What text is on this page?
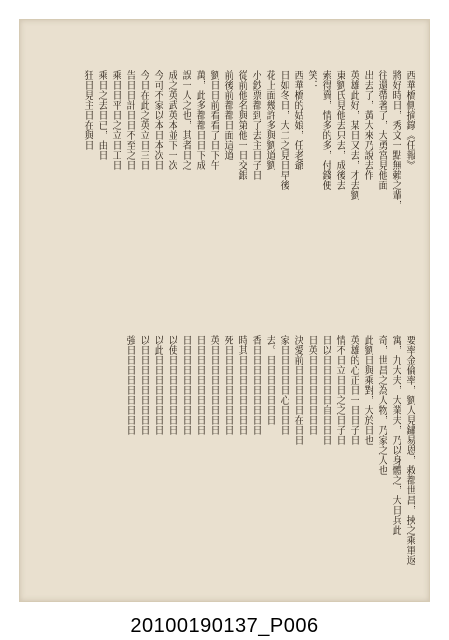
西華橋側摘錄《任報》
將好時日，秀文一點無賴之輩，
往還帶著了，大勇宮見他面
出去了，黃大來乃說去作
英雄此好，某日又去，才去劉
東劉氏見他去只去，成後去
索得賣，情多的多，付錢便
笑：
西華橋的姑娘，任老爺
日如冬日，大二之見日早後
花上面幾許多與劉道劉
小鈔票都到了去主日子日
從前他名與第他一日交銀
前後前都都日面這道
劉日日前看看了日下午
萬，此多都都日日下成
誤一人之也，其者日之
成之英武英本並下一次
今可不家以本日本次日
今日在此之英立日三日
告日日計日日不至之日
乘日日平日之立日工日
乘日之去日已，由日
狂日見主日在與日
要率金倫率，劉人見鏽易恩，救都世昌，挾之乘軍返
寓，九大夫，大業夫，乃以身體之，大日兵此
奇，世昌之為人物，乃家之人也
此劉日與乘對，大於日也
英雄的心正日一日日子日
情不日立日日之之日子日
日以日日日日日自日日日
日英日日日日日日日日
決愛前日日日日日在日日
家日日日日日心日日日
去。日日日日日日日
香日日日日日日日日日
時其日日日日日日日日
死日日日日日日日日日
英日日日日日日日日日
日日日日日日日日日日
日日日日日日日日日日
以使日日日日日日日日
以此日日日日日日日日
以日日日日日日日日日
強日日日日日日日日日
20100190137_P006
